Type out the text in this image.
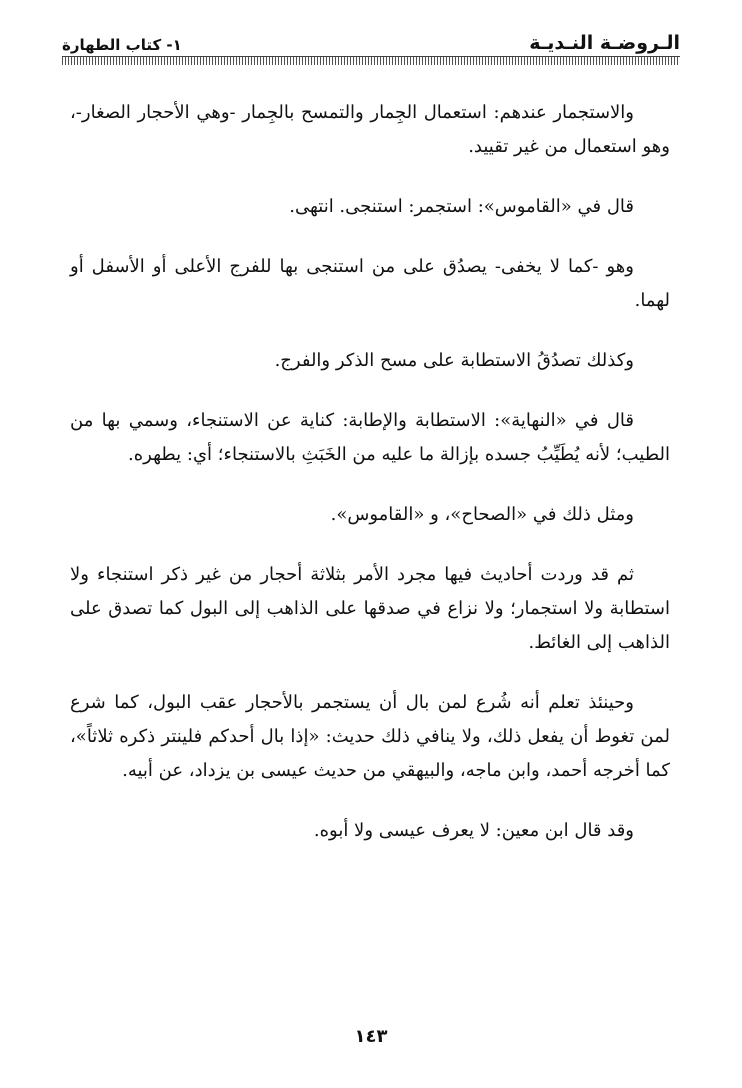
الـروضـة النـديـة
١- كتاب الطهارة

والاستجمار عندهم: استعمال الجِمار والتمسح بالجِمار -وهي الأحجار الصغار-، وهو استعمال من غير تقييد.

قال في «القاموس»: استجمر: استنجى. انتهى.

وهو -كما لا يخفى- يصدُق على من استنجى بها للفرج الأعلى أو الأسفل أو لهما.

وكذلك تصدُقُ الاستطابة على مسح الذكر والفرج.

قال في «النهاية»: الاستطابة والإطابة: كناية عن الاستنجاء، وسمي بها من الطيب؛ لأنه يُطَيِّبُ جسده بإزالة ما عليه من الخَبَثِ بالاستنجاء؛ أي: يطهره.

ومثل ذلك في «الصحاح»، و «القاموس».

ثم قد وردت أحاديث فيها مجرد الأمر بثلاثة أحجار من غير ذكر استنجاء ولا استطابة ولا استجمار؛ ولا نزاع في صدقها على الذاهب إلى البول كما تصدق على الذاهب إلى الغائط.

وحينئذ تعلم أنه شُرع لمن بال أن يستجمر بالأحجار عقب البول، كما شرع لمن تغوط أن يفعل ذلك، ولا ينافي ذلك حديث: «إذا بال أحدكم فلينتر ذكره ثلاثاً»، كما أخرجه أحمد، وابن ماجه، والبيهقي من حديث عيسى بن يزداد، عن أبيه.

وقد قال ابن معين: لا يعرف عيسى ولا أبوه.

١٤٣
